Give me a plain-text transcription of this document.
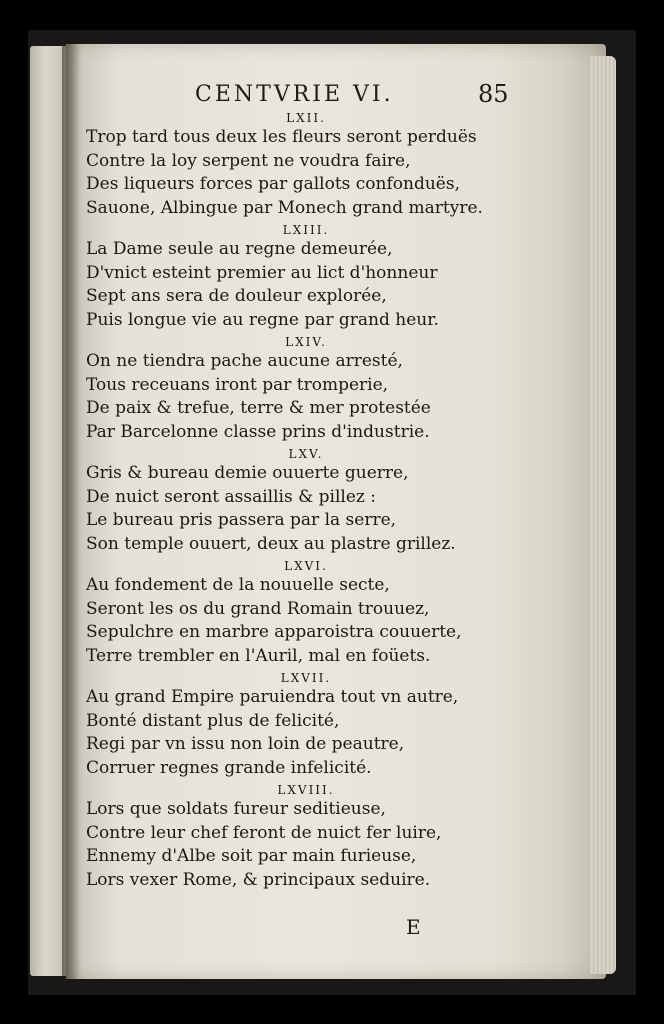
CENTVRIE VI.	85
LXII.
Trop tard tous deux les fleurs seront perduës
Contre la loy serpent ne voudra faire,
Des liqueurs forces par gallots confonduës,
Sauone, Albingue par Monech grand martyre.
LXIII.
La Dame seule au regne demeurée,
D'vnict esteint premier au lict d'honneur
Sept ans sera de douleur explorée,
Puis longue vie au regne par grand heur.
LXIV.
On ne tiendra pache aucune arresté,
Tous receuans iront par tromperie,
De paix & trefue, terre & mer protestée
Par Barcelonne classe prins d'industrie.
LXV.
Gris & bureau demie ouuerte guerre,
De nuict seront assaillis & pillez :
Le bureau pris passera par la serre,
Son temple ouuert, deux au plastre grillez.
LXVI.
Au fondement de la nouuelle secte,
Seront les os du grand Romain trouuez,
Sepulchre en marbre apparoistra couuerte,
Terre trembler en l'Auril, mal en foüets.
LXVII.
Au grand Empire paruiendra tout vn autre,
Bonté distant plus de felicité,
Regi par vn issu non loin de peautre,
Corruer regnes grande infelicité.
LXVIII.
Lors que soldats fureur seditieuse,
Contre leur chef feront de nuict fer luire,
Ennemy d'Albe soit par main furieuse,
Lors vexer Rome, & principaux seduire.
E
